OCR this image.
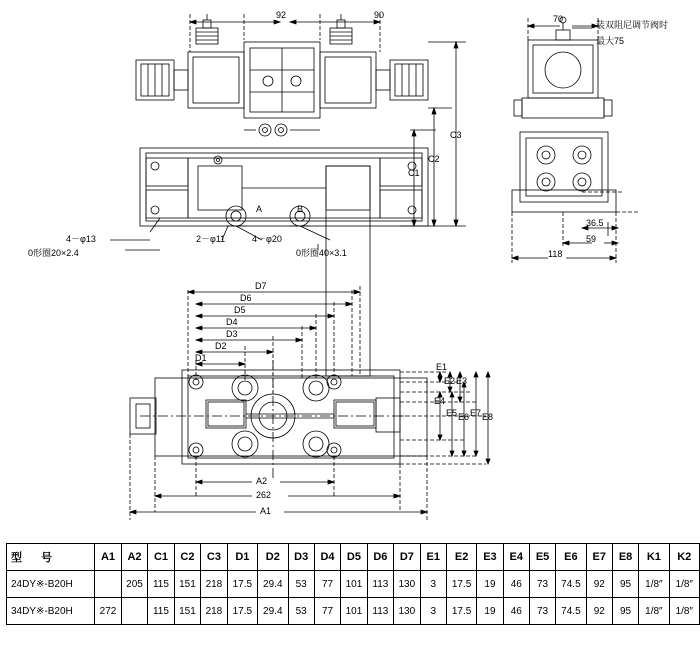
92	90
C1
C2
C3
A	B
4－φ13	2－φ11	4－φ20
0形圈20×2.4	0形圈40×3.1
70
装双阻尼调节阀时
最大75
36.5
59
118
D1
D2
D3
D4
D5
D6
D7
E1
E2 E3
E4
E5 E6 E7 E8
A2
262
A1
型　号	A1	A2	C1	C2	C3	D1	D2	D3	D4	D5	D6	D7	E1	E2	E3	E4	E5	E6	E7	E8	K1	K2
24DY※-B20H		205	115	151	218	17.5	29.4	53	77	101	113	130	3	17.5	19	46	73	74.5	92	95	1/8″	1/8″
34DY※-B20H	272		115	151	218	17.5	29.4	53	77	101	113	130	3	17.5	19	46	73	74.5	92	95	1/8″	1/8″
